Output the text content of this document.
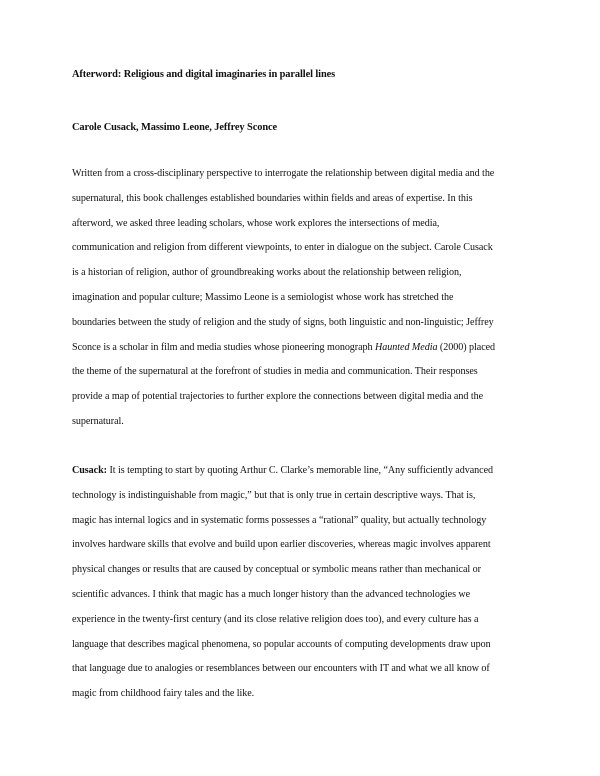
Afterword: Religious and digital imaginaries in parallel lines
Carole Cusack, Massimo Leone, Jeffrey Sconce
Written from a cross-disciplinary perspective to interrogate the relationship between digital media and the
supernatural, this book challenges established boundaries within fields and areas of expertise. In this
afterword, we asked three leading scholars, whose work explores the intersections of media,
communication and religion from different viewpoints, to enter in dialogue on the subject. Carole Cusack
is a historian of religion, author of groundbreaking works about the relationship between religion,
imagination and popular culture; Massimo Leone is a semiologist whose work has stretched the
boundaries between the study of religion and the study of signs, both linguistic and non-linguistic; Jeffrey
Sconce is a scholar in film and media studies whose pioneering monograph Haunted Media (2000) placed
the theme of the supernatural at the forefront of studies in media and communication. Their responses
provide a map of potential trajectories to further explore the connections between digital media and the
supernatural.
Cusack: It is tempting to start by quoting Arthur C. Clarke’s memorable line, “Any sufficiently advanced
technology is indistinguishable from magic,” but that is only true in certain descriptive ways. That is,
magic has internal logics and in systematic forms possesses a “rational” quality, but actually technology
involves hardware skills that evolve and build upon earlier discoveries, whereas magic involves apparent
physical changes or results that are caused by conceptual or symbolic means rather than mechanical or
scientific advances. I think that magic has a much longer history than the advanced technologies we
experience in the twenty-first century (and its close relative religion does too), and every culture has a
language that describes magical phenomena, so popular accounts of computing developments draw upon
that language due to analogies or resemblances between our encounters with IT and what we all know of
magic from childhood fairy tales and the like.
